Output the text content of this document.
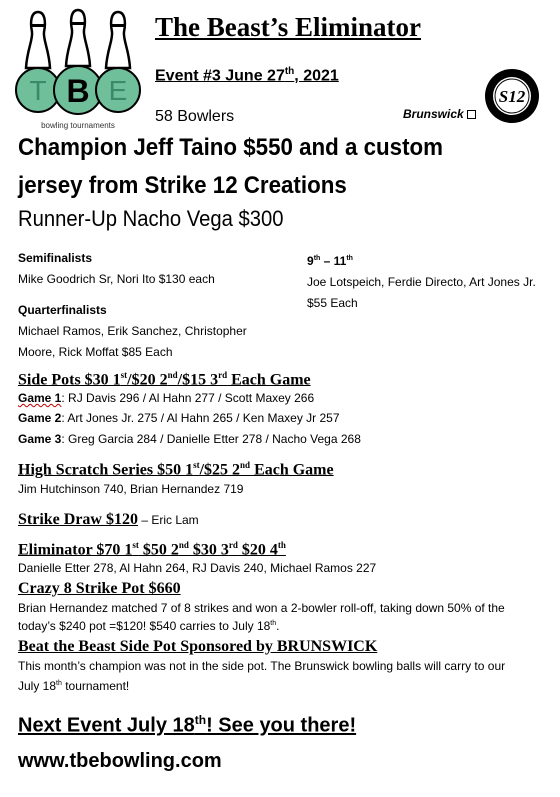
T B E
bowling tournaments
The Beast’s Eliminator
Event #3 June 27th, 2021
58 Bowlers	Brunswick
S12
Champion Jeff Taino $550 and a custom
jersey from Strike 12 Creations
Runner-Up Nacho Vega $300
Semifinalists
Mike Goodrich Sr, Nori Ito $130 each
Quarterfinalists
Michael Ramos, Erik Sanchez, Christopher
Moore, Rick Moffat $85 Each
9th – 11th
Joe Lotspeich, Ferdie Directo, Art Jones Jr.
$55 Each
Side Pots $30 1st/$20 2nd/$15 3rd Each Game
Game 1: RJ Davis 296 / Al Hahn 277 / Scott Maxey 266
Game 2: Art Jones Jr. 275 / Al Hahn 265 / Ken Maxey Jr 257
Game 3: Greg Garcia 284 / Danielle Etter 278 / Nacho Vega 268
High Scratch Series $50 1st/$25 2nd Each Game
Jim Hutchinson 740, Brian Hernandez 719
Strike Draw $120 – Eric Lam
Eliminator $70 1st $50 2nd $30 3rd $20 4th
Danielle Etter 278, Al Hahn 264, RJ Davis 240, Michael Ramos 227
Crazy 8 Strike Pot $660
Brian Hernandez matched 7 of 8 strikes and won a 2-bowler roll-off, taking down 50% of the
today’s $240 pot =$120! $540 carries to July 18th.
Beat the Beast Side Pot Sponsored by BRUNSWICK
This month’s champion was not in the side pot. The Brunswick bowling balls will carry to our
July 18th tournament!
Next Event July 18th! See you there!
www.tbebowling.com
